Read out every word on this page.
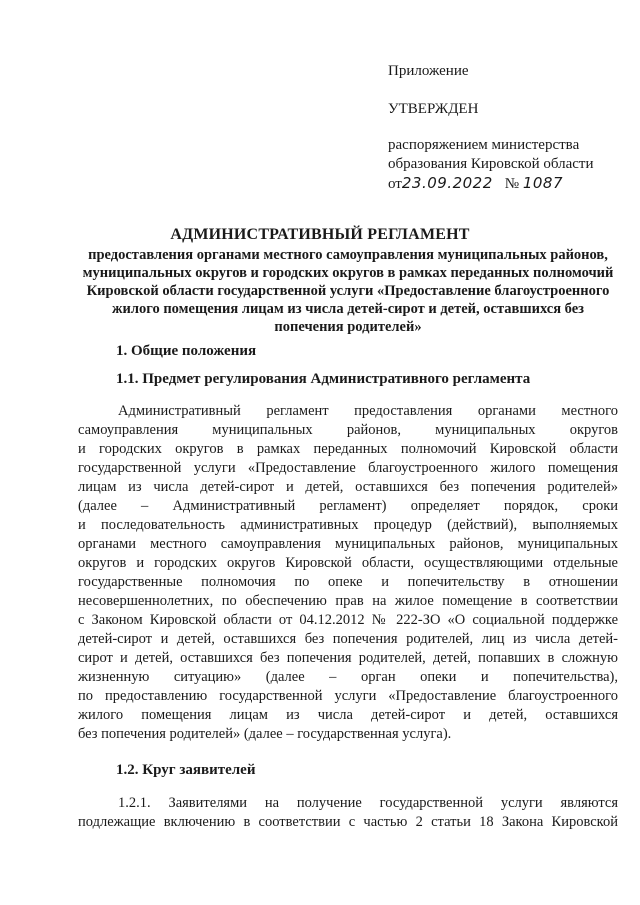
Приложение
УТВЕРЖДЕН
распоряжением министерства
образования Кировской области
от23.09.2022 № 1087
АДМИНИСТРАТИВНЫЙ РЕГЛАМЕНТ
предоставления органами местного самоуправления муниципальных районов, муниципальных округов и городских округов в рамках переданных полномочий Кировской области государственной услуги «Предоставление благоустроенного жилого помещения лицам из числа детей-сирот и детей, оставшихся без попечения родителей»
1. Общие положения
1.1. Предмет регулирования Административного регламента
Административный регламент предоставления органами местного
самоуправления муниципальных районов, муниципальных округов
и городских округов в рамках переданных полномочий Кировской области
государственной услуги «Предоставление благоустроенного жилого помещения
лицам из числа детей-сирот и детей, оставшихся без попечения родителей»
(далее – Административный регламент) определяет порядок, сроки
и последовательность административных процедур (действий), выполняемых
органами местного самоуправления муниципальных районов, муниципальных
округов и городских округов Кировской области, осуществляющими отдельные
государственные полномочия по опеке и попечительству в отношении
несовершеннолетних, по обеспечению прав на жилое помещение в соответствии
с Законом Кировской области от 04.12.2012 № 222-ЗО «О социальной поддержке
детей-сирот и детей, оставшихся без попечения родителей, лиц из числа детей-
сирот и детей, оставшихся без попечения родителей, детей, попавших в сложную
жизненную ситуацию» (далее – орган опеки и попечительства),
по предоставлению государственной услуги «Предоставление благоустроенного
жилого помещения лицам из числа детей-сирот и детей, оставшихся
без попечения родителей» (далее – государственная услуга).
1.2. Круг заявителей
1.2.1. Заявителями на получение государственной услуги являются
подлежащие включению в соответствии с частью 2 статьи 18 Закона Кировской
